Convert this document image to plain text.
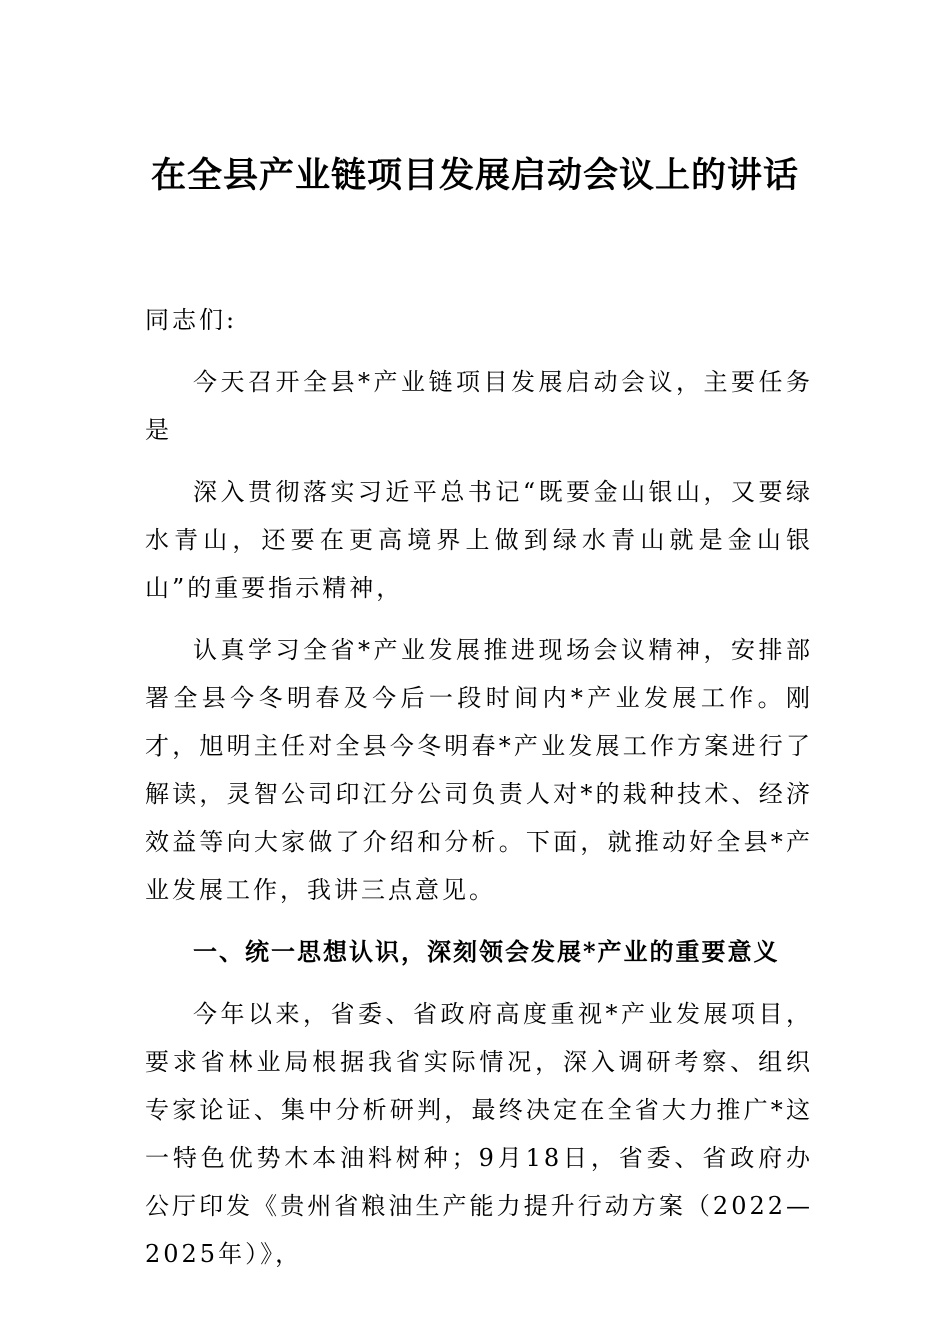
在全县产业链项目发展启动会议上的讲话

同志们:

今天召开全县*产业链项目发展启动会议，主要任务是

深入贯彻落实习近平总书记“既要金山银山，又要绿水青山，还要在更高境界上做到绿水青山就是金山银山”的重要指示精神，

认真学习全省*产业发展推进现场会议精神，安排部署全县今冬明春及今后一段时间内*产业发展工作。刚才，旭明主任对全县今冬明春*产业发展工作方案进行了解读，灵智公司印江分公司负责人对*的栽种技术、经济效益等向大家做了介绍和分析。下面，就推动好全县*产业发展工作，我讲三点意见。

一、统一思想认识，深刻领会发展*产业的重要意义

今年以来，省委、省政府高度重视*产业发展项目，要求省林业局根据我省实际情况，深入调研考察、组织专家论证、集中分析研判，最终决定在全省大力推广*这一特色优势木本油料树种；9月18日，省委、省政府办公厅印发《贵州省粮油生产能力提升行动方案（2022—2025年）》，
